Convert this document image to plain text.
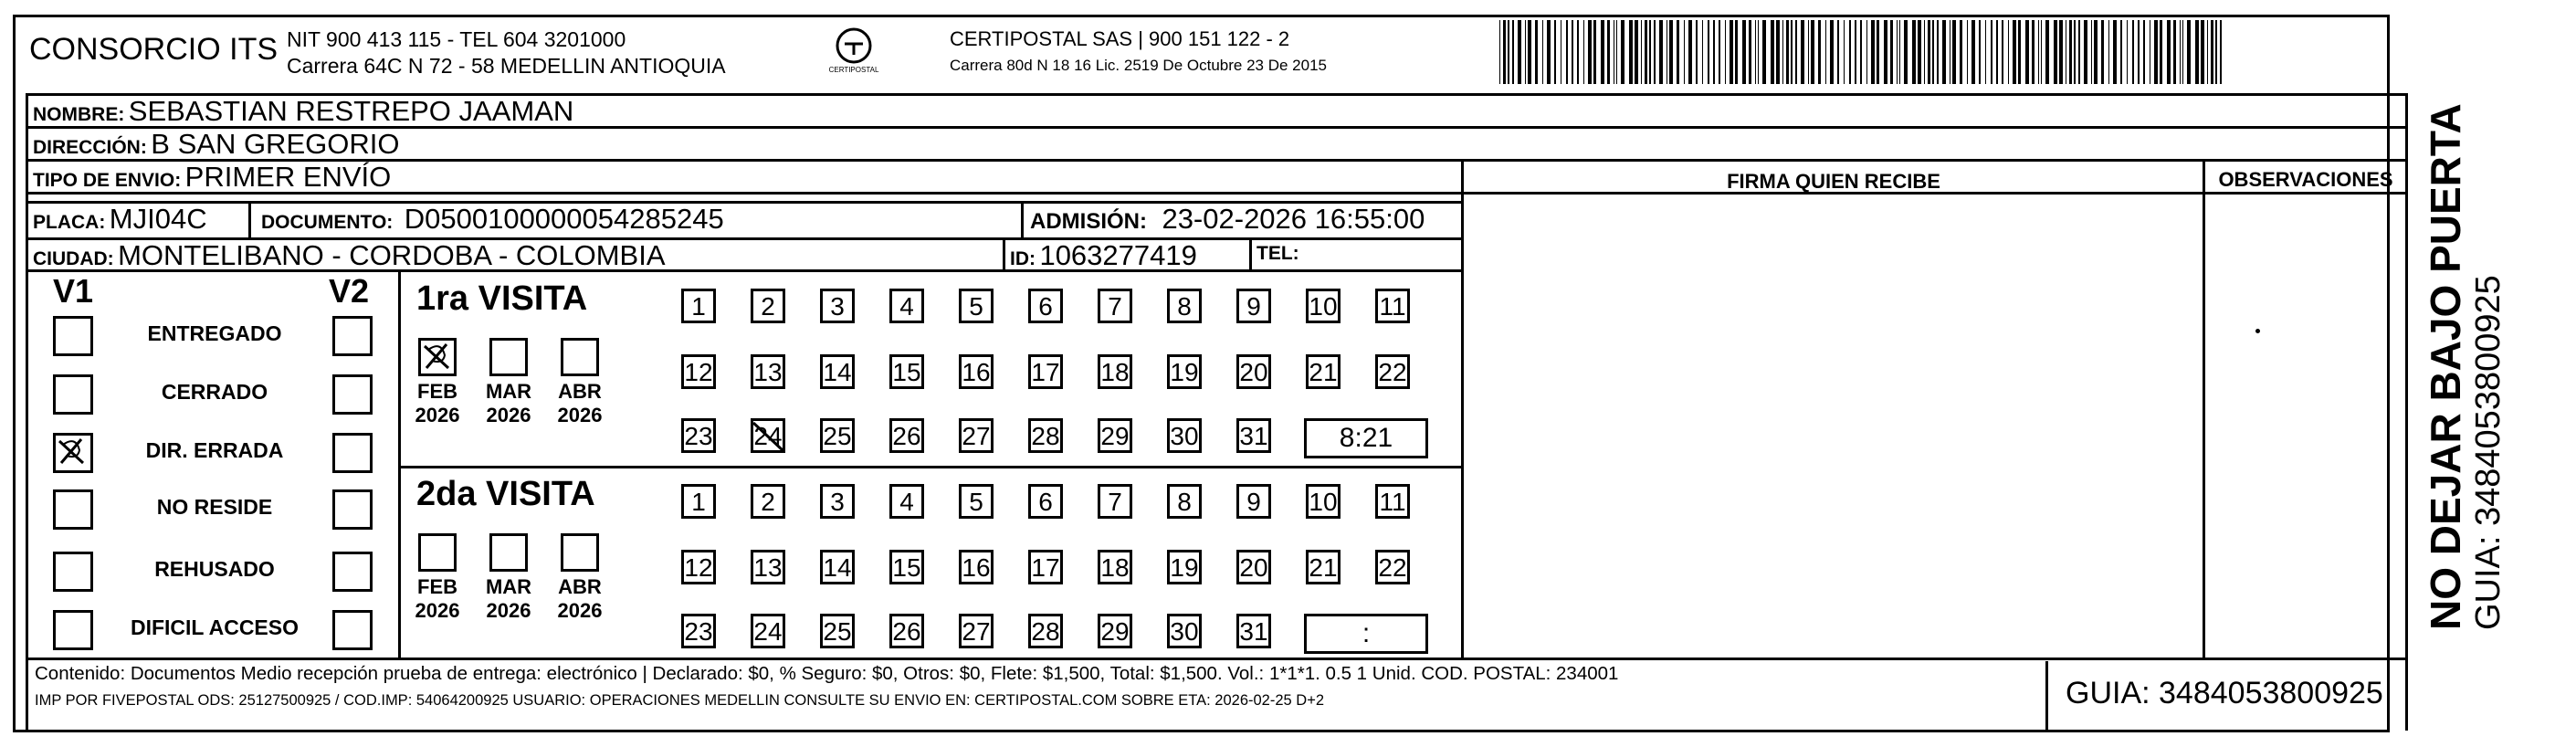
CONSORCIO ITS NIT 900 413 115 - TEL 604 3201000
Carrera 64C N 72 - 58 MEDELLIN ANTIOQUIA	CERTIPOSTAL
CERTIPOSTAL SAS | 900 151 122 - 2
Carrera 80d N 18 16 Lic. 2519 De Octubre 23 De 2015
NOMBRE: SEBASTIAN RESTREPO JAAMAN
DIRECCIÓN: B SAN GREGORIO
TIPO DE ENVIO: PRIMER ENVÍO
PLACA: MJI04C	DOCUMENTO: D0500100000054285245	ADMISIÓN: 23-02-2026 16:55:00
CIUDAD: MONTELIBANO - CORDOBA - COLOMBIA	ID: 1063277419	TEL:
FIRMA QUIEN RECIBE	OBSERVACIONES
V1	V2
ENTREGADO
CERRADO
DIR. ERRADA
NO RESIDE
REHUSADO
DIFICIL ACCESO
1ra VISITA
FEB
2026
MAR
2026
ABR
2026
1	2	3	4	5	6	7	8	9	10 11
12 13 14 15 16 17 18 19 20 21 22
23 24 25 26 27 28 29 30 31	8:21
2da VISITA
FEB
2026
MAR
2026
ABR
2026
1	2	3	4	5	6	7	8	9	10 11
12 13 14 15 16 17 18 19 20 21 22
23 24 25 26 27 28 29 30 31	:
Contenido: Documentos Medio recepción prueba de entrega: electrónico | Declarado: $0, % Seguro: $0, Otros: $0, Flete: $1,500, Total: $1,500. Vol.: 1*1*1. 0.5 1 Unid. COD. POSTAL: 234001
IMP POR FIVEPOSTAL ODS: 25127500925 / COD.IMP: 54064200925 USUARIO: OPERACIONES MEDELLIN CONSULTE SU ENVIO EN: CERTIPOSTAL.COM SOBRE ETA: 2026-02-25 D+2	GUIA: 3484053800925
NO DEJAR BAJO PUERTA GUIA: 3484053800925
